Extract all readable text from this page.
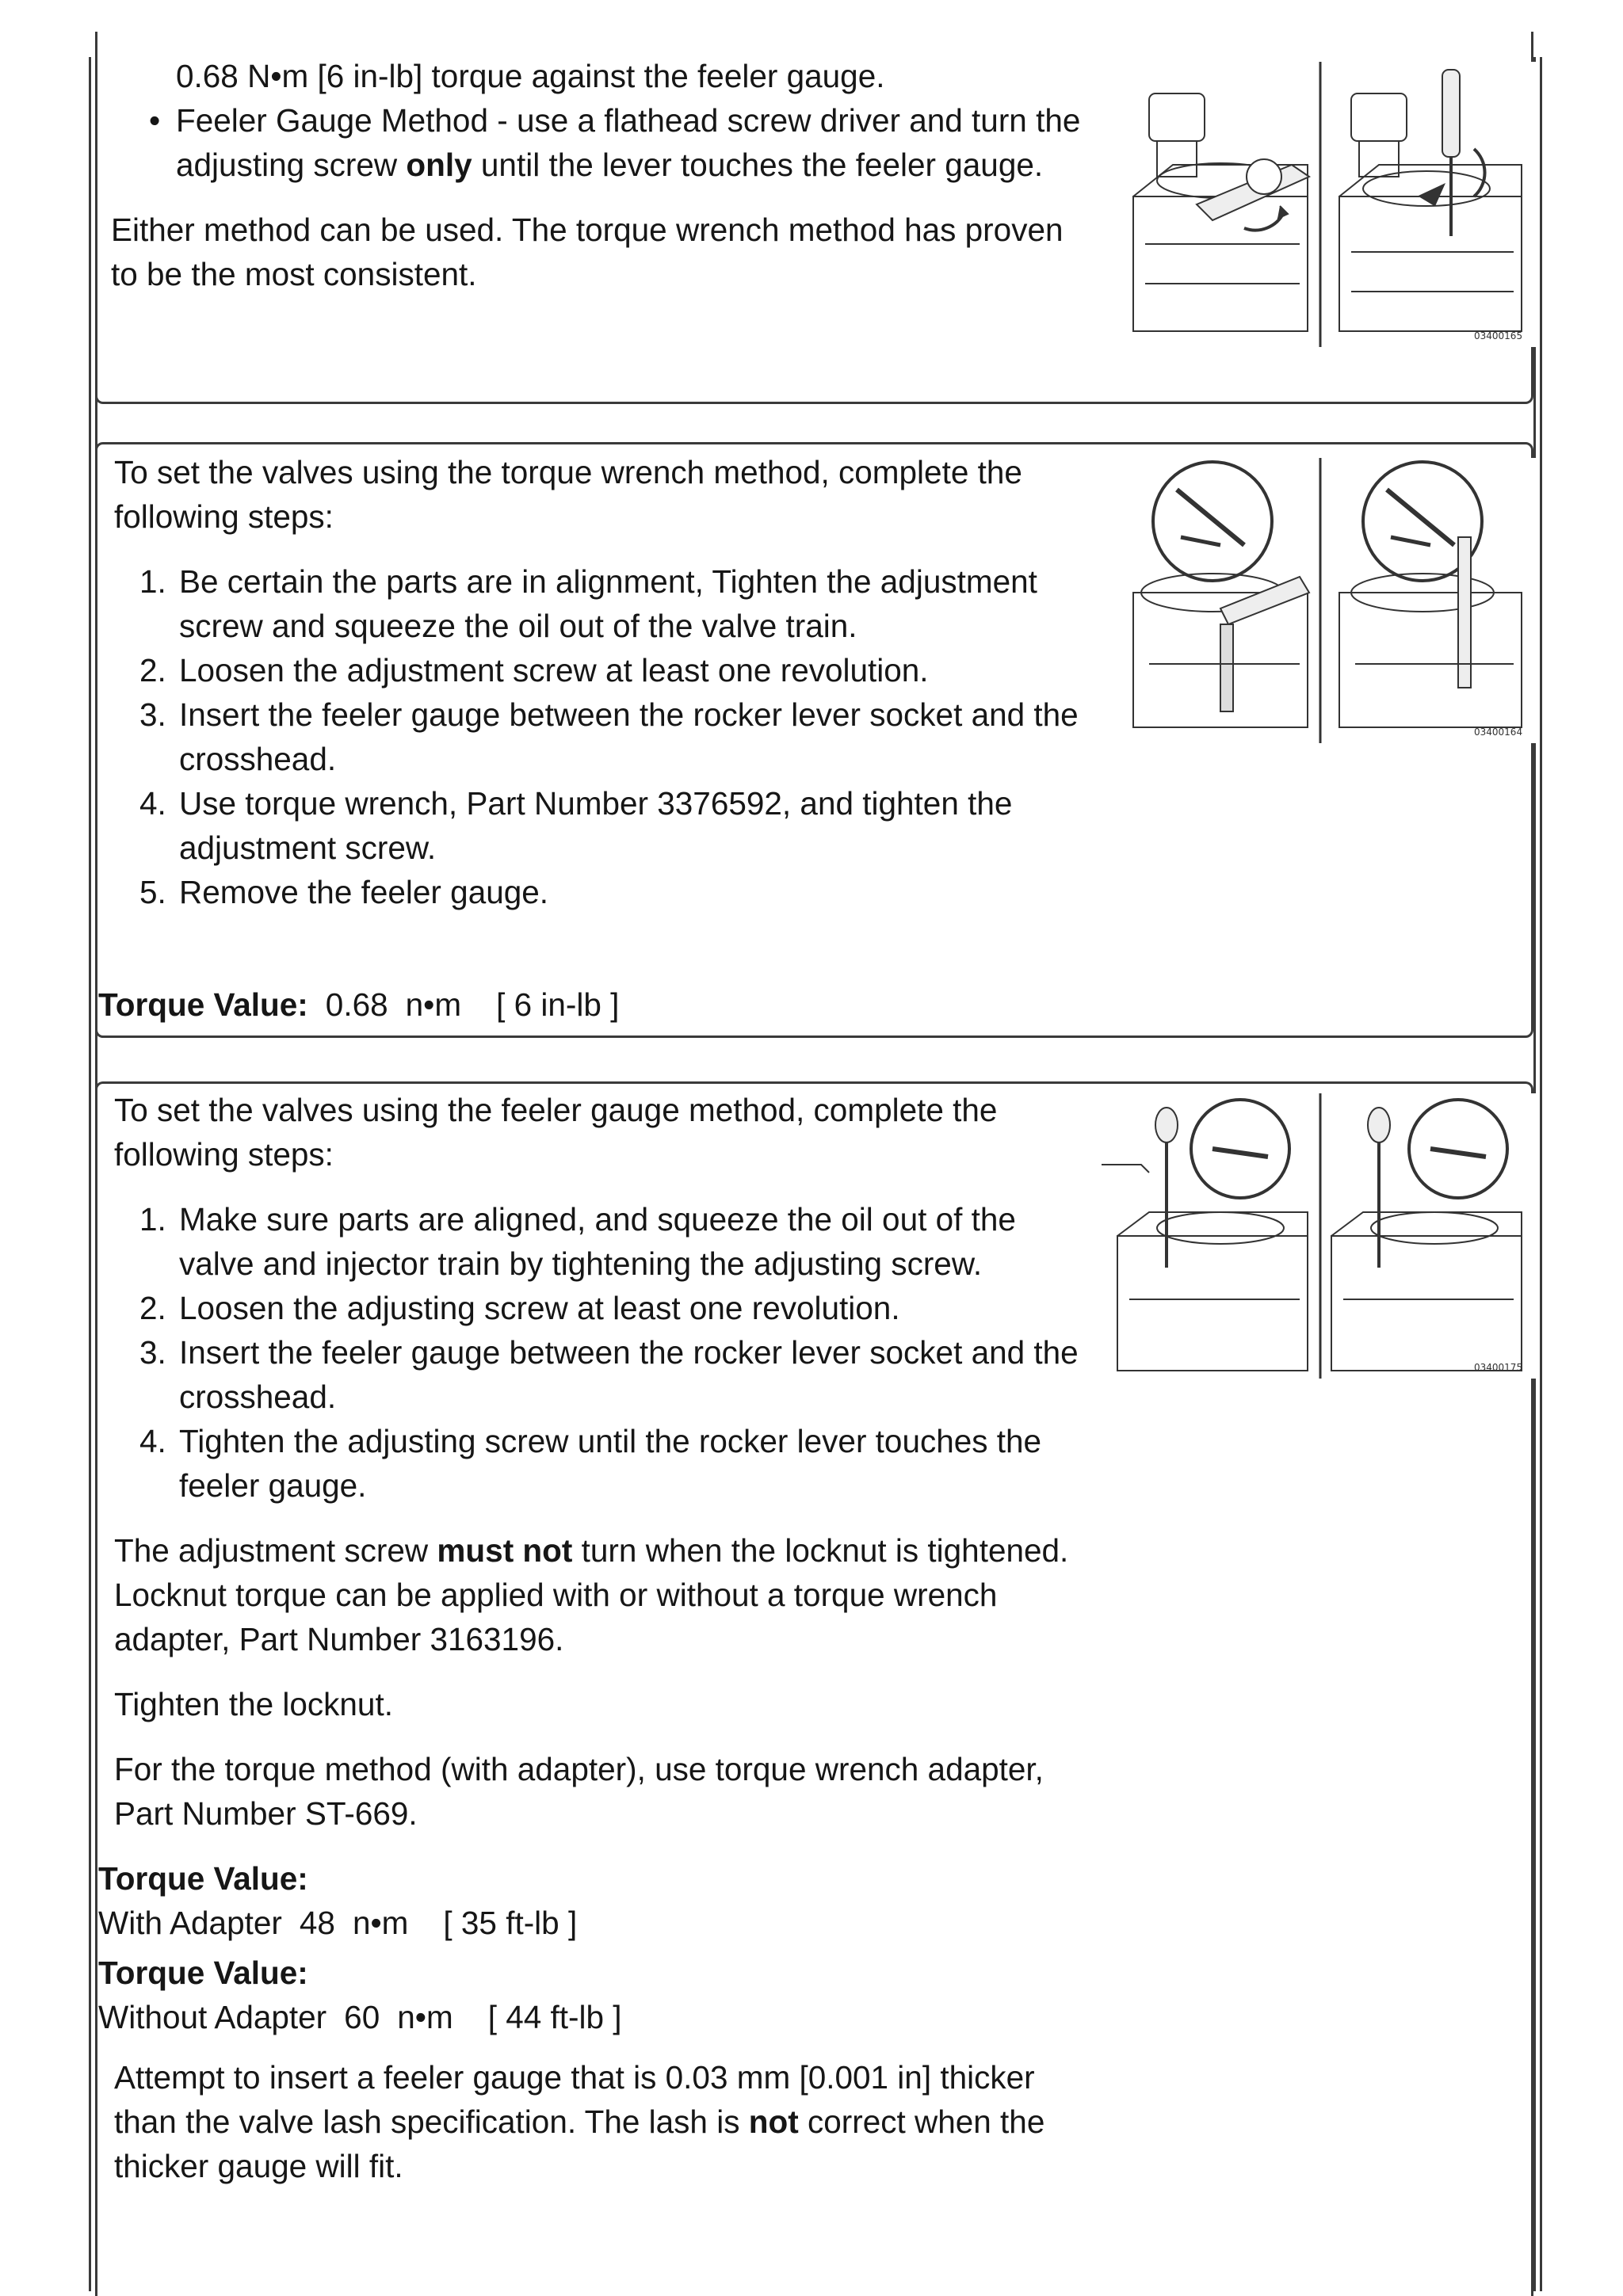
0.68 N•m [6 in-lb] torque against the feeler gauge.

• Feeler Gauge Method - use a flathead screw driver and turn the adjusting screw only until the lever touches the feeler gauge.

Either method can be used. The torque wrench method has proven to be the most consistent.

03400165

To set the valves using the torque wrench method, complete the following steps:

1. Be certain the parts are in alignment, Tighten the adjustment screw and squeeze the oil out of the valve train.
2. Loosen the adjustment screw at least one revolution.
3. Insert the feeler gauge between the rocker lever socket and the crosshead.
4. Use torque wrench, Part Number 3376592, and tighten the adjustment screw.
5. Remove the feeler gauge.
Torque Value: 0.68 n•m [ 6 in-lb ]
03400164

To set the valves using the feeler gauge method, complete the following steps:

1. Make sure parts are aligned, and squeeze the oil out of the valve and injector train by tightening the adjusting screw.
2. Loosen the adjusting screw at least one revolution.
3. Insert the feeler gauge between the rocker lever socket and the crosshead.
4. Tighten the adjusting screw until the rocker lever touches the feeler gauge.

The adjustment screw must not turn when the locknut is tightened. Locknut torque can be applied with or without a torque wrench adapter, Part Number 3163196.

Tighten the locknut.

For the torque method (with adapter), use torque wrench adapter, Part Number ST-669.

Torque Value:
With Adapter 48 n•m [ 35 ft-lb ]
Torque Value:
Without Adapter 60 n•m [ 44 ft-lb ]

Attempt to insert a feeler gauge that is 0.03 mm [0.001 in] thicker than the valve lash specification. The lash is not correct when the thicker gauge will fit.

03400175
